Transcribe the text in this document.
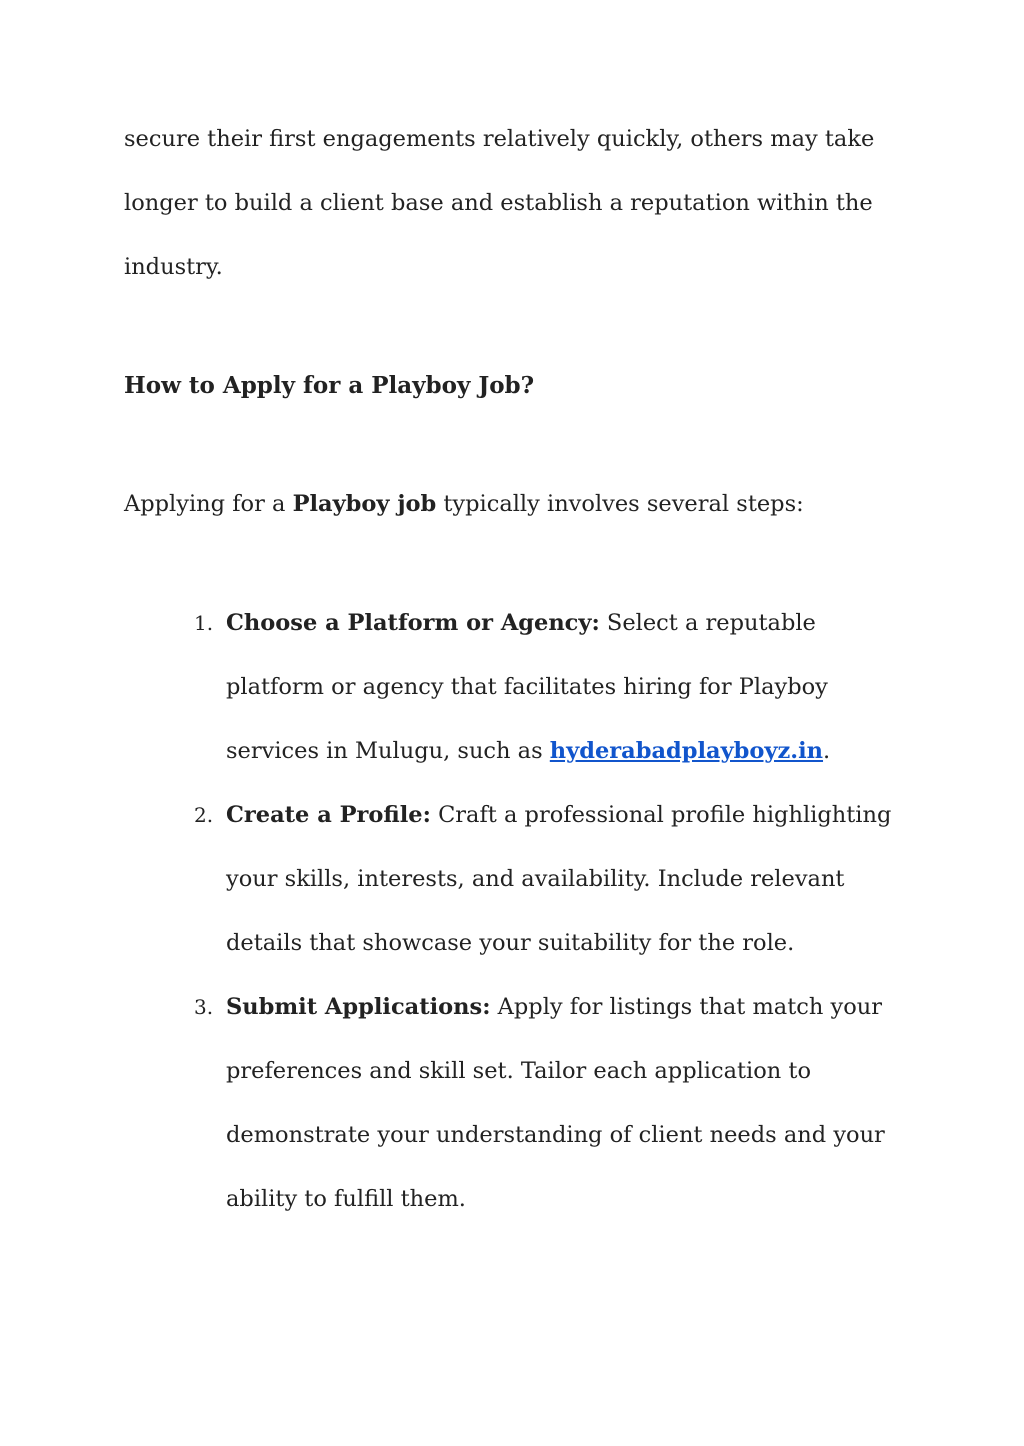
secure their first engagements relatively quickly, others may take longer to build a client base and establish a reputation within the industry.

How to Apply for a Playboy Job?

Applying for a Playboy job typically involves several steps:

1. Choose a Platform or Agency: Select a reputable platform or agency that facilitates hiring for Playboy services in Mulugu, such as hyderabadplayboyz.in.
2. Create a Profile: Craft a professional profile highlighting your skills, interests, and availability. Include relevant details that showcase your suitability for the role.
3. Submit Applications: Apply for listings that match your preferences and skill set. Tailor each application to demonstrate your understanding of client needs and your ability to fulfill them.
